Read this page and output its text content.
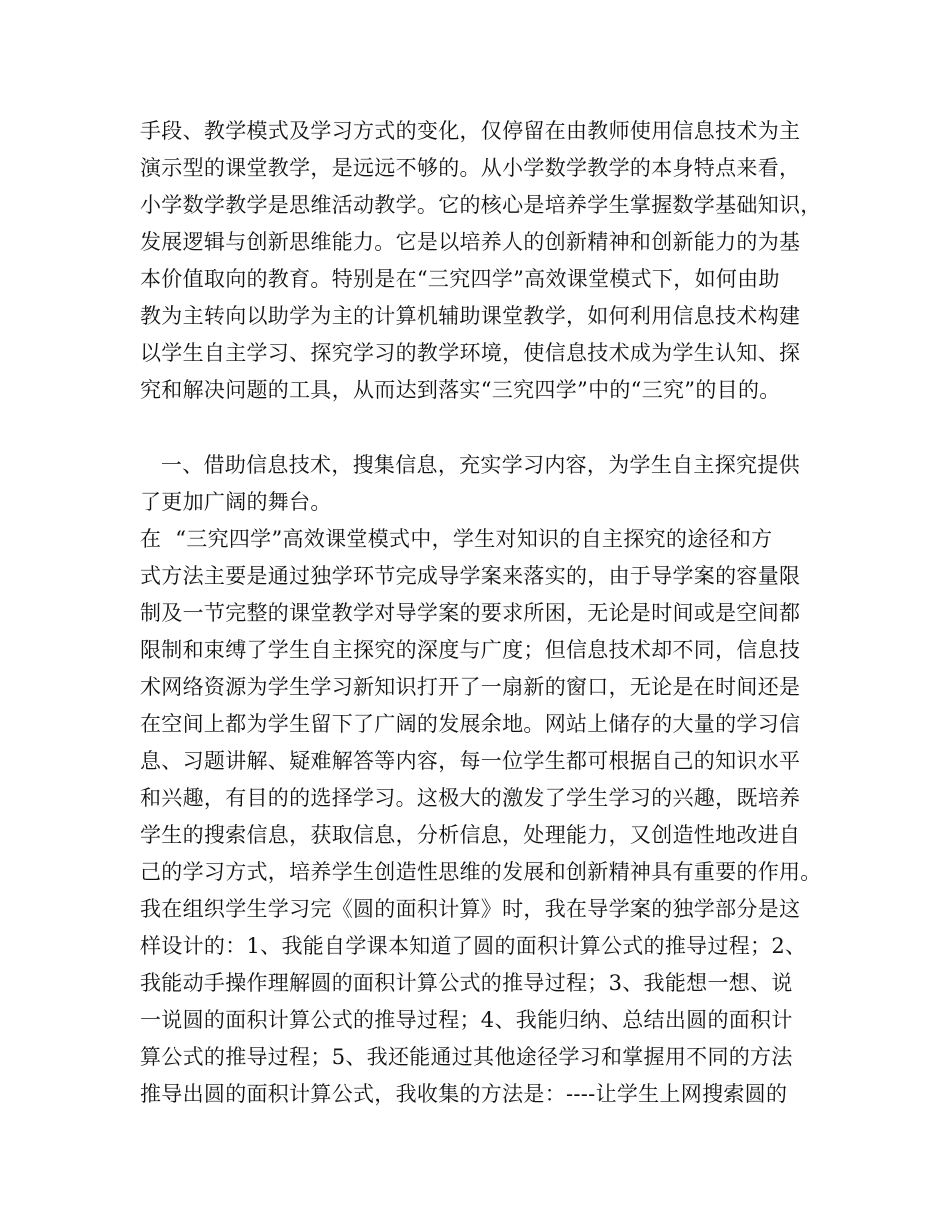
手段、教学模式及学习方式的变化，仅停留在由教师使用信息技术为主
演示型的课堂教学，是远远不够的。从小学数学教学的本身特点来看，
小学数学教学是思维活动教学。它的核心是培养学生掌握数学基础知识，
发展逻辑与创新思维能力。它是以培养人的创新精神和创新能力的为基
本价值取向的教育。特别是在“三究四学”高效课堂模式下，如何由助
教为主转向以助学为主的计算机辅助课堂教学，如何利用信息技术构建
以学生自主学习、探究学习的教学环境，使信息技术成为学生认知、探
究和解决问题的工具，从而达到落实“三究四学”中的“三究”的目的。
一、借助信息技术，搜集信息，充实学习内容，为学生自主探究提供
了更加广阔的舞台。
在  “三究四学”高效课堂模式中，学生对知识的自主探究的途径和方
式方法主要是通过独学环节完成导学案来落实的，由于导学案的容量限
制及一节完整的课堂教学对导学案的要求所困，无论是时间或是空间都
限制和束缚了学生自主探究的深度与广度；但信息技术却不同，信息技
术网络资源为学生学习新知识打开了一扇新的窗口，无论是在时间还是
在空间上都为学生留下了广阔的发展余地。网站上储存的大量的学习信
息、习题讲解、疑难解答等内容，每一位学生都可根据自己的知识水平
和兴趣，有目的的选择学习。这极大的激发了学生学习的兴趣，既培养
学生的搜索信息，获取信息，分析信息，处理能力，又创造性地改进自
己的学习方式，培养学生创造性思维的发展和创新精神具有重要的作用。
我在组织学生学习完《圆的面积计算》时，我在导学案的独学部分是这
样设计的：1、我能自学课本知道了圆的面积计算公式的推导过程；2、
我能动手操作理解圆的面积计算公式的推导过程；3、我能想一想、说
一说圆的面积计算公式的推导过程；4、我能归纳、总结出圆的面积计
算公式的推导过程；5、我还能通过其他途径学习和掌握用不同的方法
推导出圆的面积计算公式，我收集的方法是：----让学生上网搜索圆的
